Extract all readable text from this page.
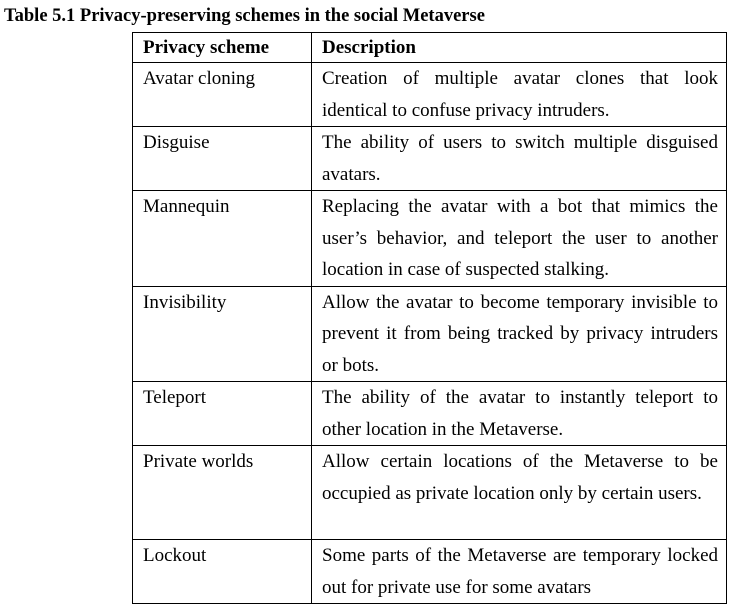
Table 5.1 Privacy-preserving schemes in the social Metaverse
Privacy scheme	Description
Avatar cloning	Creation of multiple avatar clones that look identical to confuse privacy intruders.
Disguise	The ability of users to switch multiple disguised avatars.
Mannequin	Replacing the avatar with a bot that mimics the user’s behavior, and teleport the user to another location in case of suspected stalking.
Invisibility	Allow the avatar to become temporary invisible to prevent it from being tracked by privacy intruders or bots.
Teleport	The ability of the avatar to instantly teleport to other location in the Metaverse.
Private worlds	Allow certain locations of the Metaverse to be occupied as private location only by certain users.
Lockout	Some parts of the Metaverse are temporary locked out for private use for some avatars
